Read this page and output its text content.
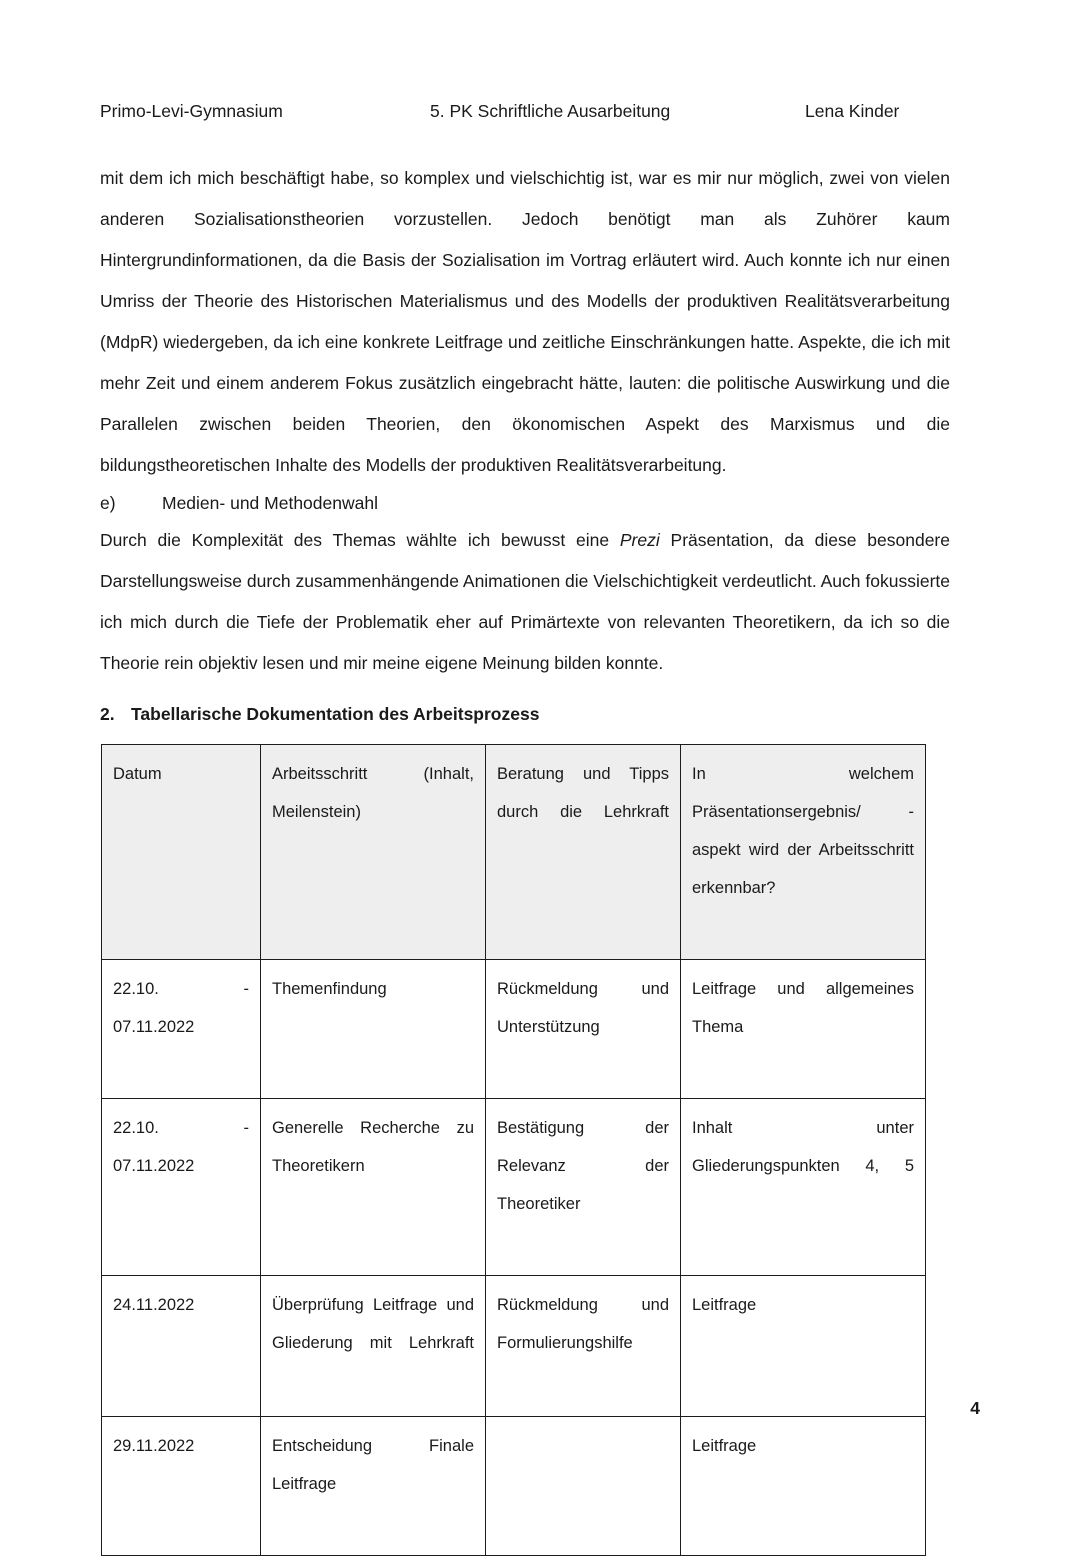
Primo-Levi-Gymnasium	5. PK Schriftliche Ausarbeitung	Lena Kinder

mit dem ich mich beschäftigt habe, so komplex und vielschichtig ist, war es mir nur möglich, zwei von vielen anderen Sozialisationstheorien vorzustellen. Jedoch benötigt man als Zuhörer kaum Hintergrundinformationen, da die Basis der Sozialisation im Vortrag erläutert wird. Auch konnte ich nur einen Umriss der Theorie des Historischen Materialismus und des Modells der produktiven Realitätsverarbeitung (MdpR) wiedergeben, da ich eine konkrete Leitfrage und zeitliche Einschränkungen hatte. Aspekte, die ich mit mehr Zeit und einem anderem Fokus zusätzlich eingebracht hätte, lauten: die politische Auswirkung und die Parallelen zwischen beiden Theorien, den ökonomischen Aspekt des Marxismus und die bildungstheoretischen Inhalte des Modells der produktiven Realitätsverarbeitung.

e)	Medien- und Methodenwahl

Durch die Komplexität des Themas wählte ich bewusst eine Prezi Präsentation, da diese besondere Darstellungsweise durch zusammenhängende Animationen die Vielschichtigkeit verdeutlicht. Auch fokussierte ich mich durch die Tiefe der Problematik eher auf Primärtexte von relevanten Theoretikern, da ich so die Theorie rein objektiv lesen und mir meine eigene Meinung bilden konnte.

2. Tabellarische Dokumentation des Arbeitsprozess
Datum	Arbeitsschritt (Inhalt, Meilenstein)	Beratung und Tipps durch die Lehrkraft	In welchem Präsentationsergebnis/ -aspekt wird der Arbeitsschritt erkennbar?

22.10. - 07.11.2022	Themenfindung	Rückmeldung und Unterstützung	Leitfrage und allgemeines Thema

22.10. - 07.11.2022	Generelle Recherche zu Theoretikern	Bestätigung der Relevanz der Theoretiker	Inhalt unter Gliederungspunkten 4, 5

24.11.2022	Überprüfung Leitfrage und Gliederung mit Lehrkraft	Rückmeldung und Formulierungshilfe	Leitfrage

29.11.2022	Entscheidung Finale Leitfrage		Leitfrage
4
